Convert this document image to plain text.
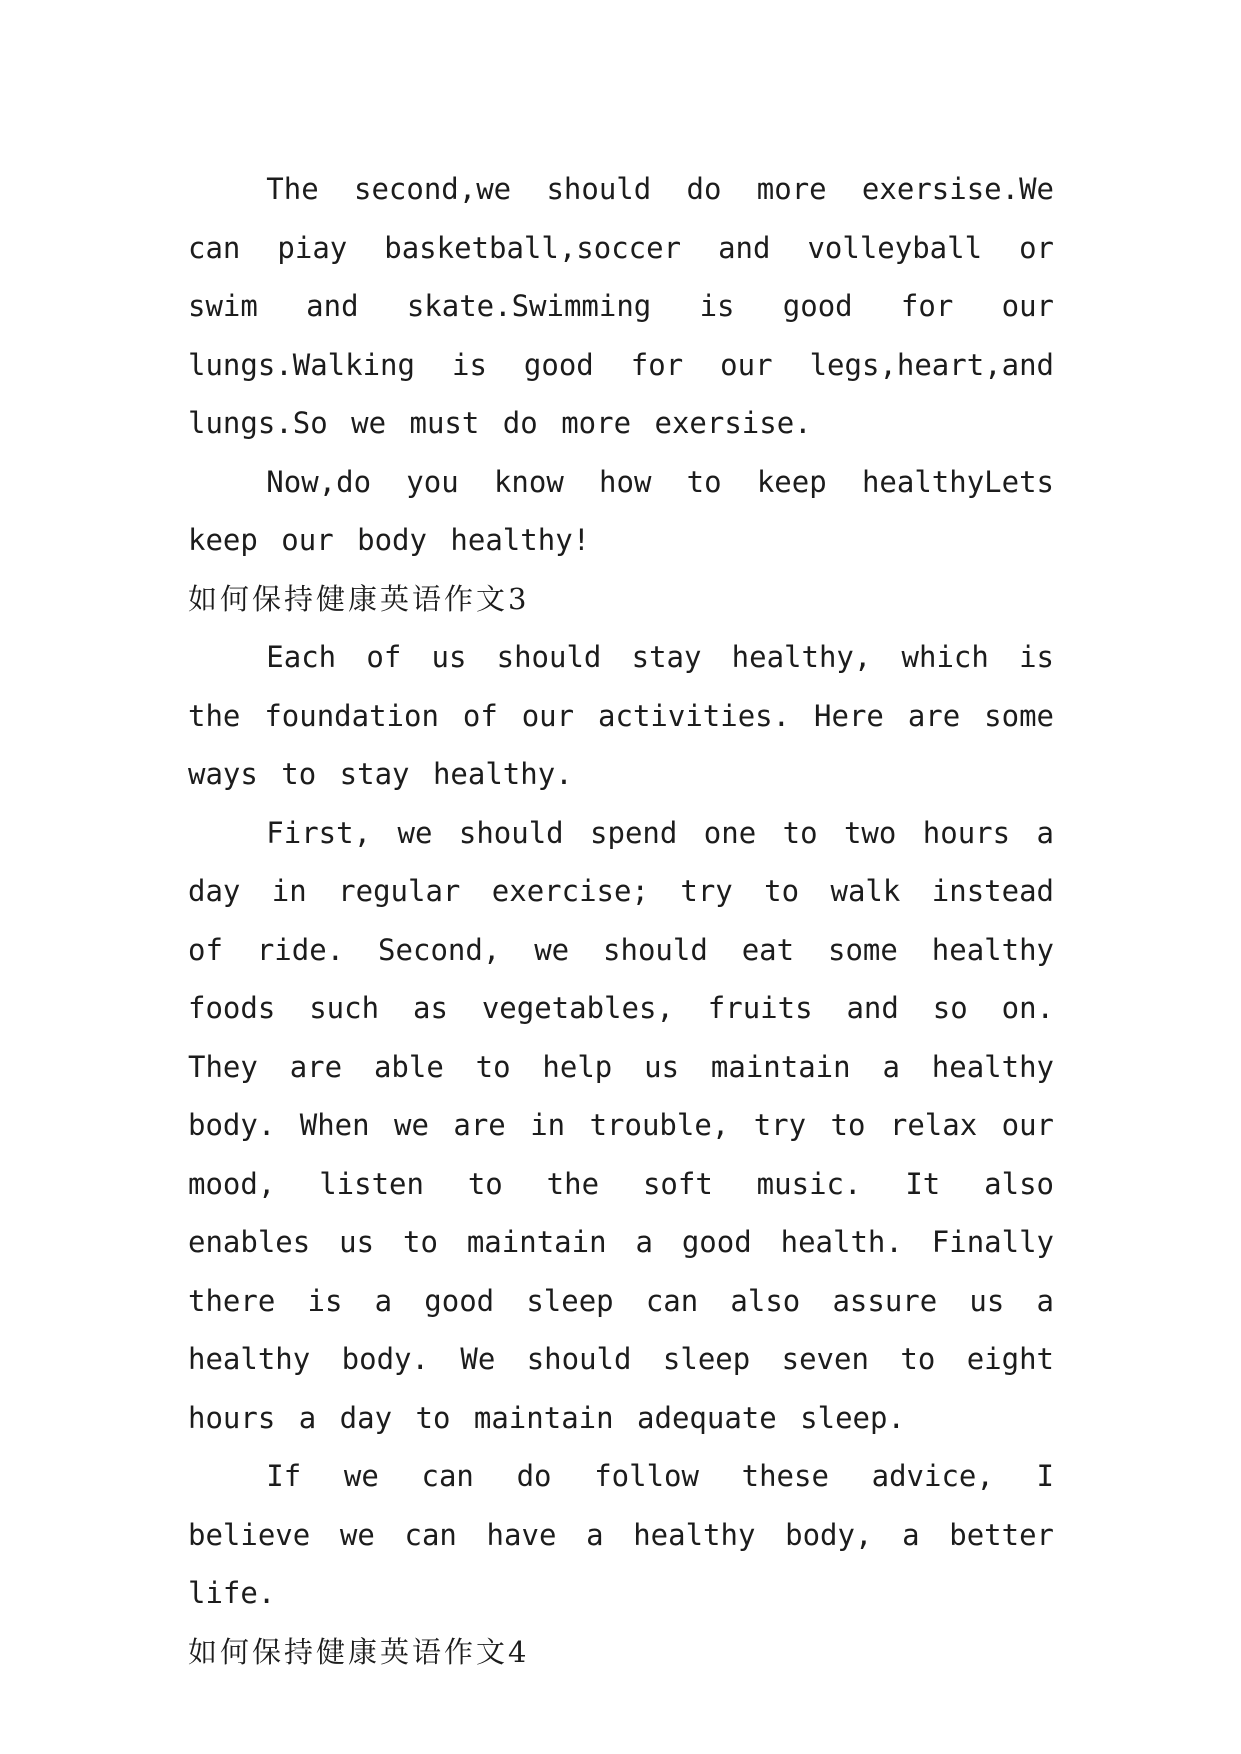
The second,we should do more exersise.We can piay basketball,soccer and volleyball or swim and skate.Swimming is good for our lungs.Walking is good for our legs,heart,and lungs.So we must do more exersise.

Now,do you know how to keep healthyLets keep our body healthy!

如何保持健康英语作文3

Each of us should stay healthy, which is the foundation of our activities. Here are some ways to stay healthy.

First, we should spend one to two hours a day in regular exercise; try to walk instead of ride. Second, we should eat some healthy foods such as vegetables, fruits and so on. They are able to help us maintain a healthy body. When we are in trouble, try to relax our mood, listen to the soft music. It also enables us to maintain a good health. Finally there is a good sleep can also assure us a healthy body. We should sleep seven to eight hours a day to maintain adequate sleep.

If we can do follow these advice, I believe we can have a healthy body, a better life.

如何保持健康英语作文4
